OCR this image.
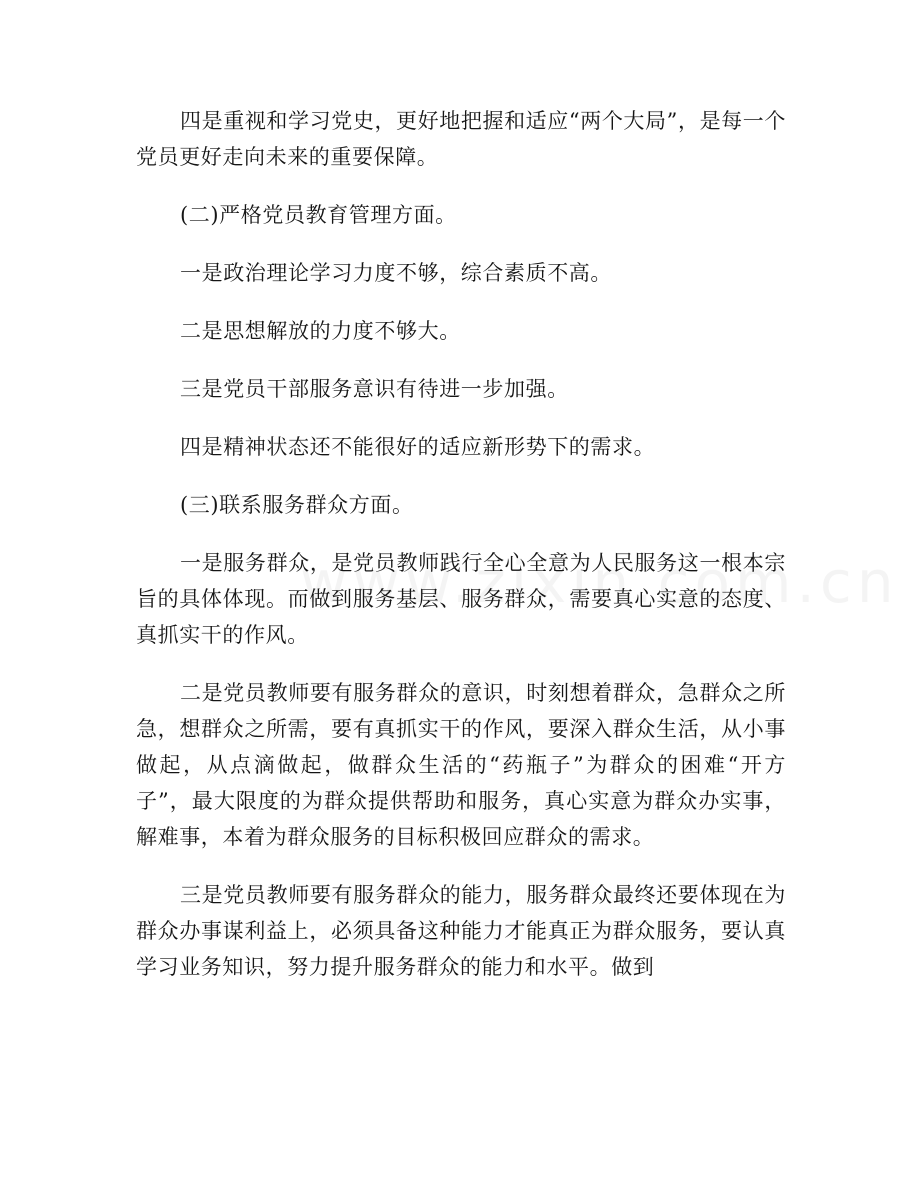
四是重视和学习党史，更好地把握和适应“两个大局”，是每一个党员更好走向未来的重要保障。

(二)严格党员教育管理方面。

一是政治理论学习力度不够，综合素质不高。

二是思想解放的力度不够大。

三是党员干部服务意识有待进一步加强。

四是精神状态还不能很好的适应新形势下的需求。

(三)联系服务群众方面。

一是服务群众，是党员教师践行全心全意为人民服务这一根本宗旨的具体体现。而做到服务基层、服务群众，需要真心实意的态度、真抓实干的作风。

二是党员教师要有服务群众的意识，时刻想着群众，急群众之所急，想群众之所需，要有真抓实干的作风，要深入群众生活，从小事做起，从点滴做起，做群众生活的“药瓶子”为群众的困难“开方子”，最大限度的为群众提供帮助和服务，真心实意为群众办实事，解难事，本着为群众服务的目标积极回应群众的需求。

三是党员教师要有服务群众的能力，服务群众最终还要体现在为群众办事谋利益上，必须具备这种能力才能真正为群众服务，要认真学习业务知识，努力提升服务群众的能力和水平。做到
